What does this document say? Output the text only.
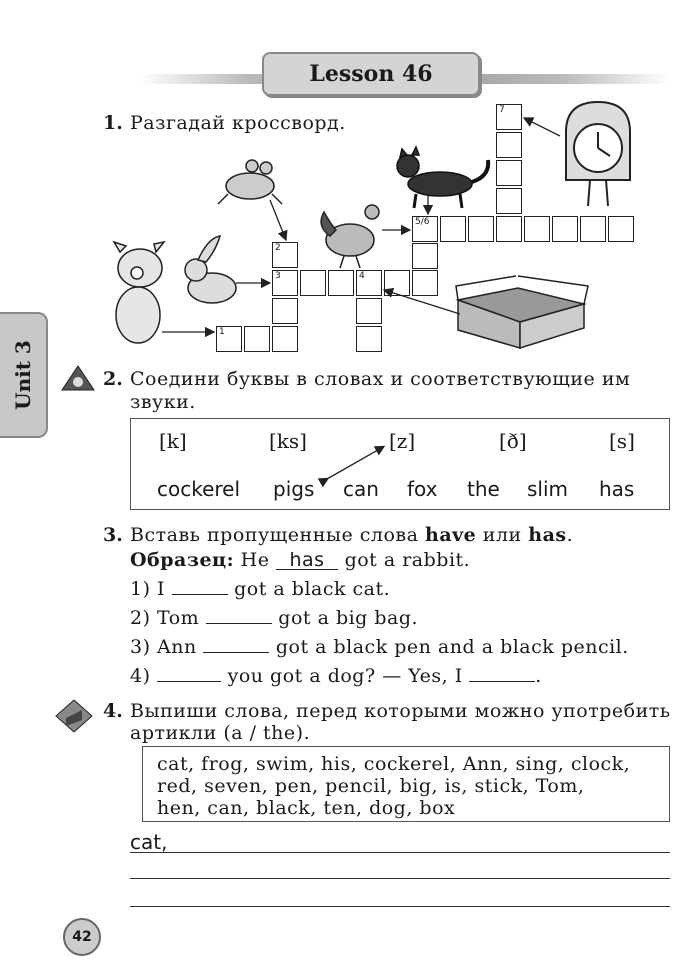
Lesson 46
Unit 3
1. Разгадай кроссворд.
1
2
3	4
5/6
7
2. Соедини буквы в словах и соответствующие им
звуки.
[k]	[ks]	[z]	[ð]	[s]
cockerel pigs can fox the slim has
3. Вставь пропущенные слова have или has.
Образец: He has got a rabbit.
1) I	got a black cat.
2) Tom	got a big bag.
3) Ann	got a black pen and a black pencil.
4)	you got a dog? — Yes, I	.
4. Выпиши слова, перед которыми можно употребить
артикли (a / the).
cat, frog, swim, his, cockerel, Ann, sing, clock,
red, seven, pen, pencil, big, is, stick, Tom,
hen, can, black, ten, dog, box
cat,
42
